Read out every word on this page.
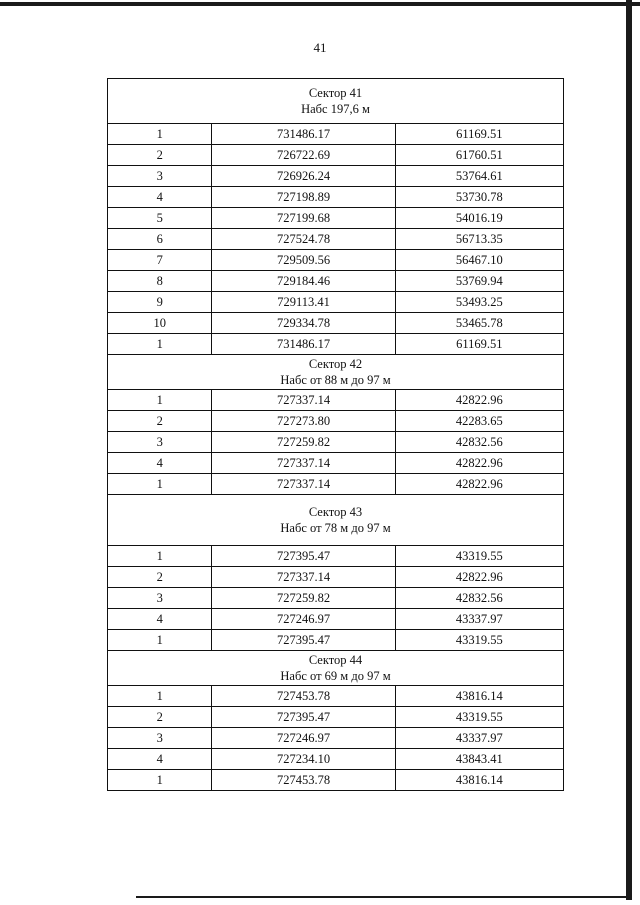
41
Сектор 41
Набс 197,6 м		

1	731486.17	61169.51
2	726722.69	61760.51
3	726926.24	53764.61
4	727198.89	53730.78
5	727199.68	54016.19
6	727524.78	56713.35
7	729509.56	56467.10
8	729184.46	53769.94
9	729113.41	53493.25
10	729334.78	53465.78
1	731486.17	61169.51

Сектор 42
Набс от 88 м до 97 м		

1	727337.14	42822.96
2	727273.80	42283.65
3	727259.82	42832.56
4	727337.14	42822.96
1	727337.14	42822.96

Сектор 43
Набс от 78 м до 97 м		

1	727395.47	43319.55
2	727337.14	42822.96
3	727259.82	42832.56
4	727246.97	43337.97
1	727395.47	43319.55

Сектор 44
Набс от 69 м до 97 м		

1	727453.78	43816.14
2	727395.47	43319.55
3	727246.97	43337.97
4	727234.10	43843.41
1	727453.78	43816.14
